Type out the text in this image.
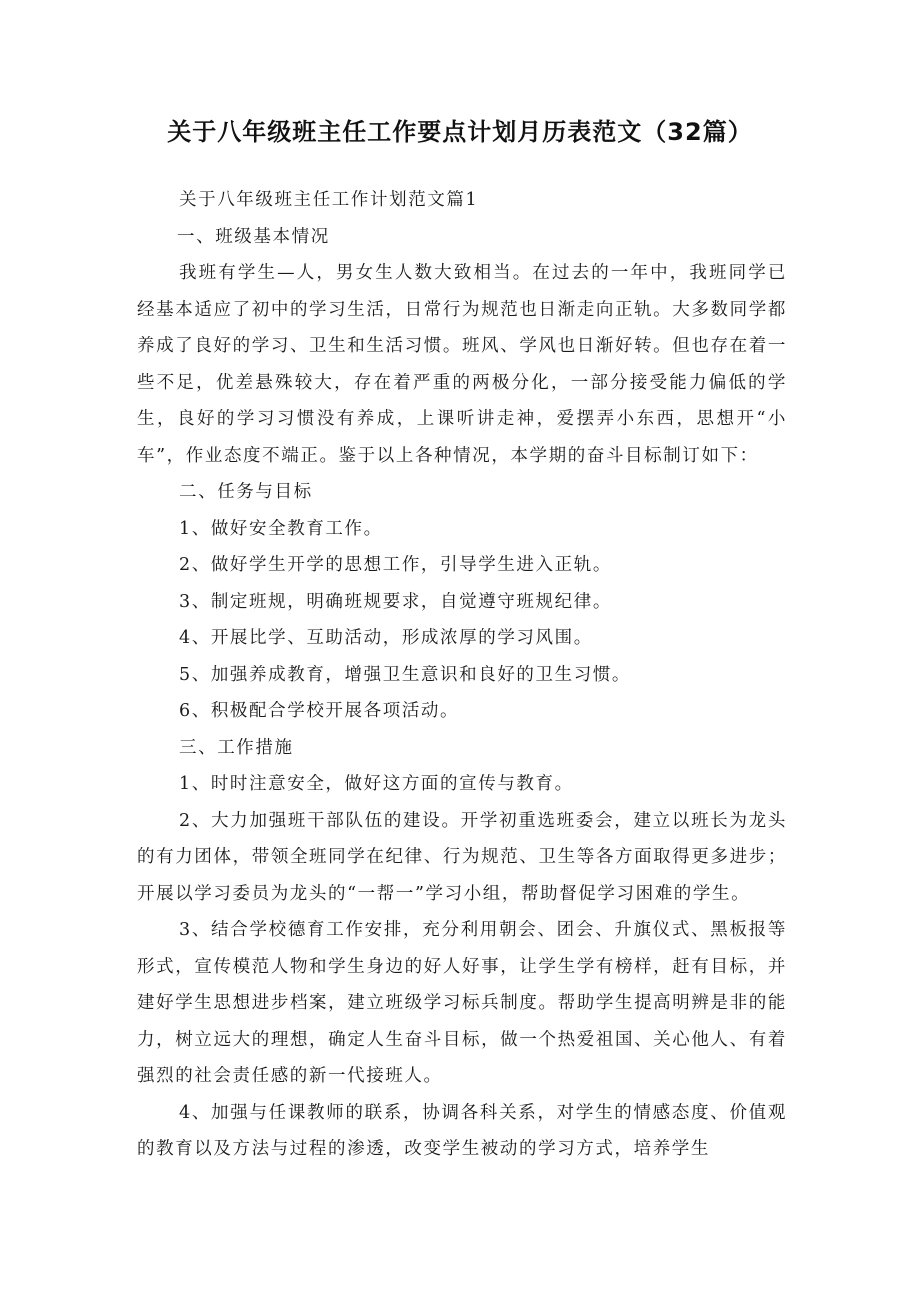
关于八年级班主任工作要点计划月历表范文（32篇）

关于八年级班主任工作计划范文篇1

一、班级基本情况

我班有学生—人，男女生人数大致相当。在过去的一年中，我班同学已经基本适应了初中的学习生活，日常行为规范也日渐走向正轨。大多数同学都养成了良好的学习、卫生和生活习惯。班风、学风也日渐好转。但也存在着一些不足，优差悬殊较大，存在着严重的两极分化，一部分接受能力偏低的学生，良好的学习习惯没有养成，上课听讲走神，爱摆弄小东西，思想开“小车”，作业态度不端正。鉴于以上各种情况，本学期的奋斗目标制订如下：

二、任务与目标

1、做好安全教育工作。

2、做好学生开学的思想工作，引导学生进入正轨。

3、制定班规，明确班规要求，自觉遵守班规纪律。

4、开展比学、互助活动，形成浓厚的学习风围。

5、加强养成教育，增强卫生意识和良好的卫生习惯。

6、积极配合学校开展各项活动。

三、工作措施

1、时时注意安全，做好这方面的宣传与教育。

2、大力加强班干部队伍的建设。开学初重选班委会，建立以班长为龙头的有力团体，带领全班同学在纪律、行为规范、卫生等各方面取得更多进步；开展以学习委员为龙头的“一帮一”学习小组，帮助督促学习困难的学生。

3、结合学校德育工作安排，充分利用朝会、团会、升旗仪式、黑板报等形式，宣传模范人物和学生身边的好人好事，让学生学有榜样，赶有目标，并建好学生思想进步档案，建立班级学习标兵制度。帮助学生提高明辨是非的能力，树立远大的理想，确定人生奋斗目标，做一个热爱祖国、关心他人、有着强烈的社会责任感的新一代接班人。

4、加强与任课教师的联系，协调各科关系，对学生的情感态度、价值观的教育以及方法与过程的渗透，改变学生被动的学习方式，培养学生
